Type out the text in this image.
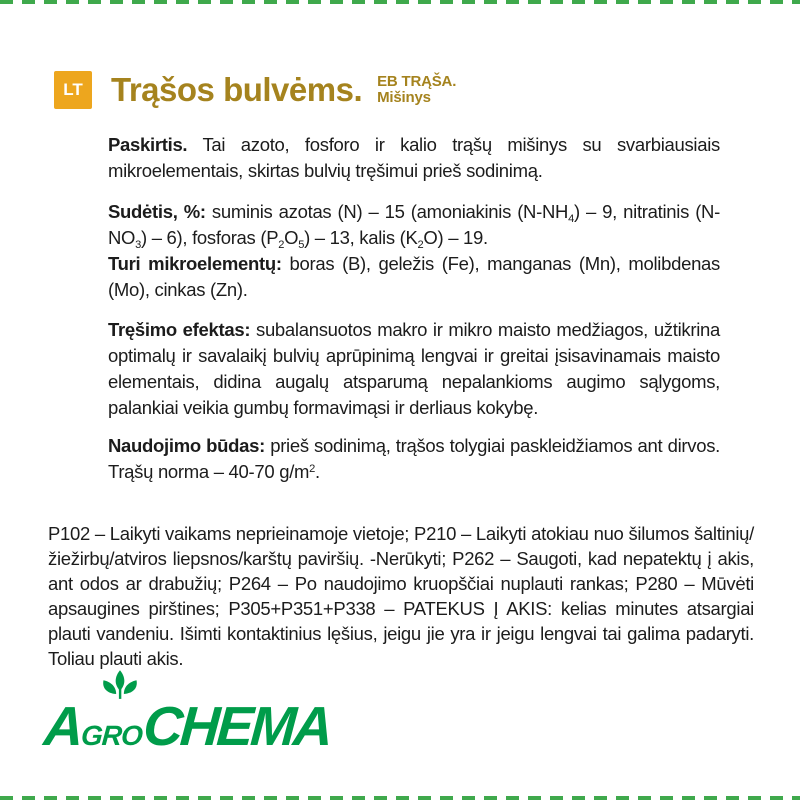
LT Trąšos bulvėms. EB TRĄŠA.
Mišinys

Paskirtis. Tai azoto, fosforo ir kalio trąšų mišinys su svarbiausiais mikroelementais, skirtas bulvių tręšimui prieš sodinimą.

Sudėtis, %: suminis azotas (N) – 15 (amoniakinis $(N-NH_4) - 9$, nitratinis $(N-NO_3) - 6$), fosforas $(P_2O_5) - 13$, kalis $(K_2O) - 19$.

Turi mikroelementų: boras (B), geležis (Fe), manganas (Mn), molibdenas (Mo), cinkas (Zn).

Tręšimo efektas: subalansuotos makro ir mikro maisto medžiagos, užtikrina optimalų ir savalaikį bulvių aprūpinimą lengvai ir greitai įsisavinamais maisto elementais, didina augalų atsparumą nepalankioms augimo sąlygoms, palankiai veikia gumbų formavimąsi ir derliaus kokybę.

Naudojimo būdas: prieš sodinimą, trąšos tolygiai paskleidžiamos ant dirvos. Trąšų norma – 40-70 $g/m^2$.

P102 – Laikyti vaikams neprieinamoje vietoje; P210 – Laikyti atokiau nuo šilumos šaltinių/žiežirbų/atviros liepsnos/karštų paviršių. -Nerūkyti; P262 – Saugoti, kad nepatektų į akis, ant odos ar drabužių; P264 – Po naudojimo kruopščiai nuplauti rankas; P280 – Mūvėti apsaugines pirštines; P305+P351+P338 – PATEKUS Į AKIS: kelias minutes atsargiai plauti vandeniu. Išimti kontaktinius lęšius, jeigu jie yra ir jeigu lengvai tai galima padaryti. Toliau plauti akis.

A
GRO
CHEMA
